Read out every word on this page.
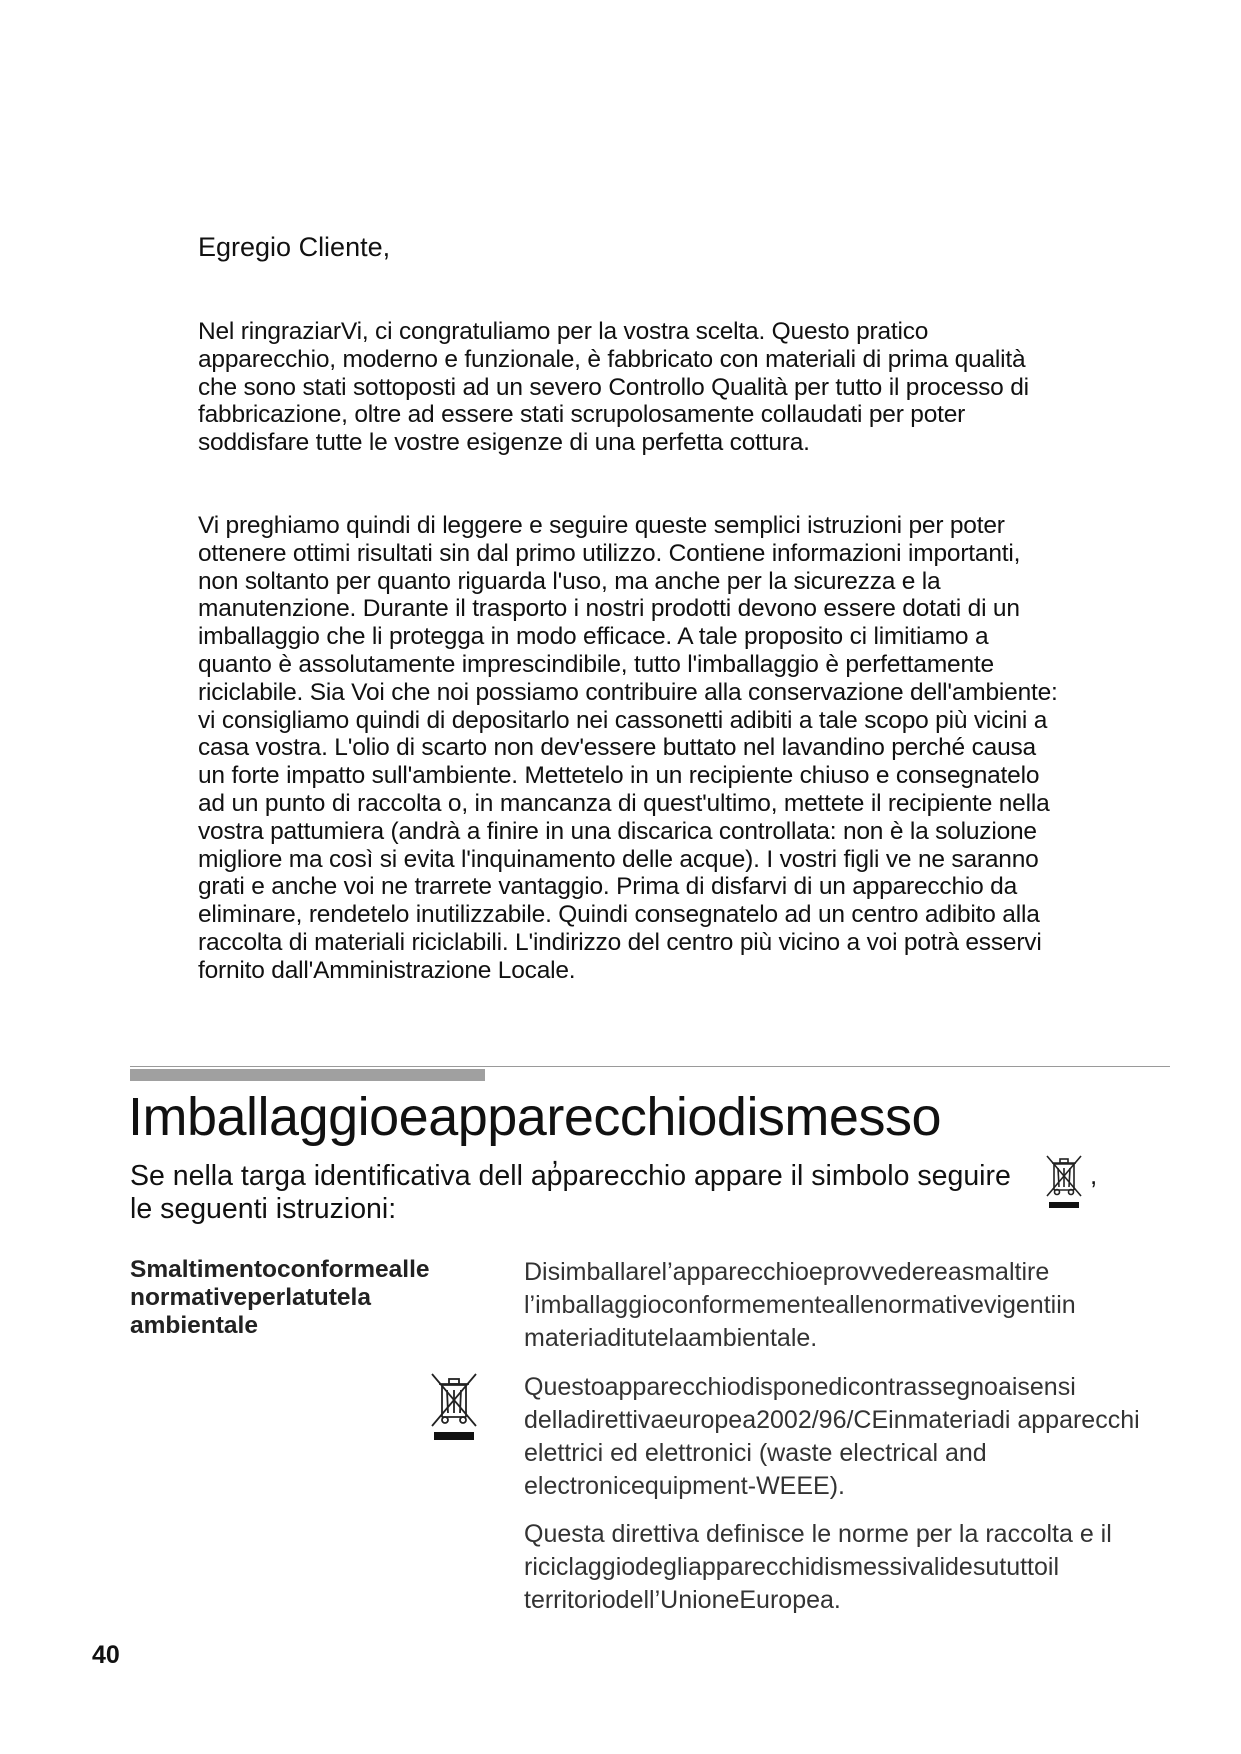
Egregio Cliente,

Nel ringraziarVi, ci congratuliamo per la vostra scelta. Questo pratico apparecchio, moderno e funzionale, è fabbricato con materiali di prima qualità che sono stati sottoposti ad un severo Controllo Qualità per tutto il processo di fabbricazione, oltre ad essere stati scrupolosamente collaudati per poter soddisfare tutte le vostre esigenze di una perfetta cottura.

Vi preghiamo quindi di leggere e seguire queste semplici istruzioni per poter ottenere ottimi risultati sin dal primo utilizzo. Contiene informazioni importanti, non soltanto per quanto riguarda l'uso, ma anche per la sicurezza e la manutenzione. Durante il trasporto i nostri prodotti devono essere dotati di un imballaggio che li protegga in modo efficace. A tale proposito ci limitiamo a quanto è assolutamente imprescindibile, tutto l'imballaggio è perfettamente riciclabile. Sia Voi che noi possiamo contribuire alla conservazione dell'ambiente: vi consigliamo quindi di depositarlo nei cassonetti adibiti a tale scopo più vicini a casa vostra. L'olio di scarto non dev'essere buttato nel lavandino perché causa un forte impatto sull'ambiente. Mettetelo in un recipiente chiuso e consegnatelo ad un punto di raccolta o, in mancanza di quest'ultimo, mettete il recipiente nella vostra pattumiera (andrà a finire in una discarica controllata: non è la soluzione migliore ma così si evita l'inquinamento delle acque). I vostri figli ve ne saranno grati e anche voi ne trarrete vantaggio. Prima di disfarvi di un apparecchio da eliminare, rendetelo inutilizzabile. Quindi consegnatelo ad un centro adibito alla raccolta di materiali riciclabili. L'indirizzo del centro più vicino a voi potrà esservi fornito dall'Amministrazione Locale.

Imballaggioeapparecchiodismesso

Se nella targa identificativa dell ap̓parecchio appare il simbolo seguire le seguenti istruzioni:

,

Smaltimentoconformealle normativeperlatutela ambientale

Disimballarel’apparecchioeprovvedereasmaltire l’imballaggioconformementeallenormativevigentiin materiaditutelaambientale.

Questoapparecchiodisponedicontrassegnoaisensi delladirettivaeuropea2002/96/CEinmateriadi apparecchi elettrici ed elettronici (waste electrical and electronicequipment-WEEE).

Questa direttiva definisce le norme per la raccolta e il riciclaggiodegliapparecchidismessivalidesututtoil territoriodell’UnioneEuropea.

40
